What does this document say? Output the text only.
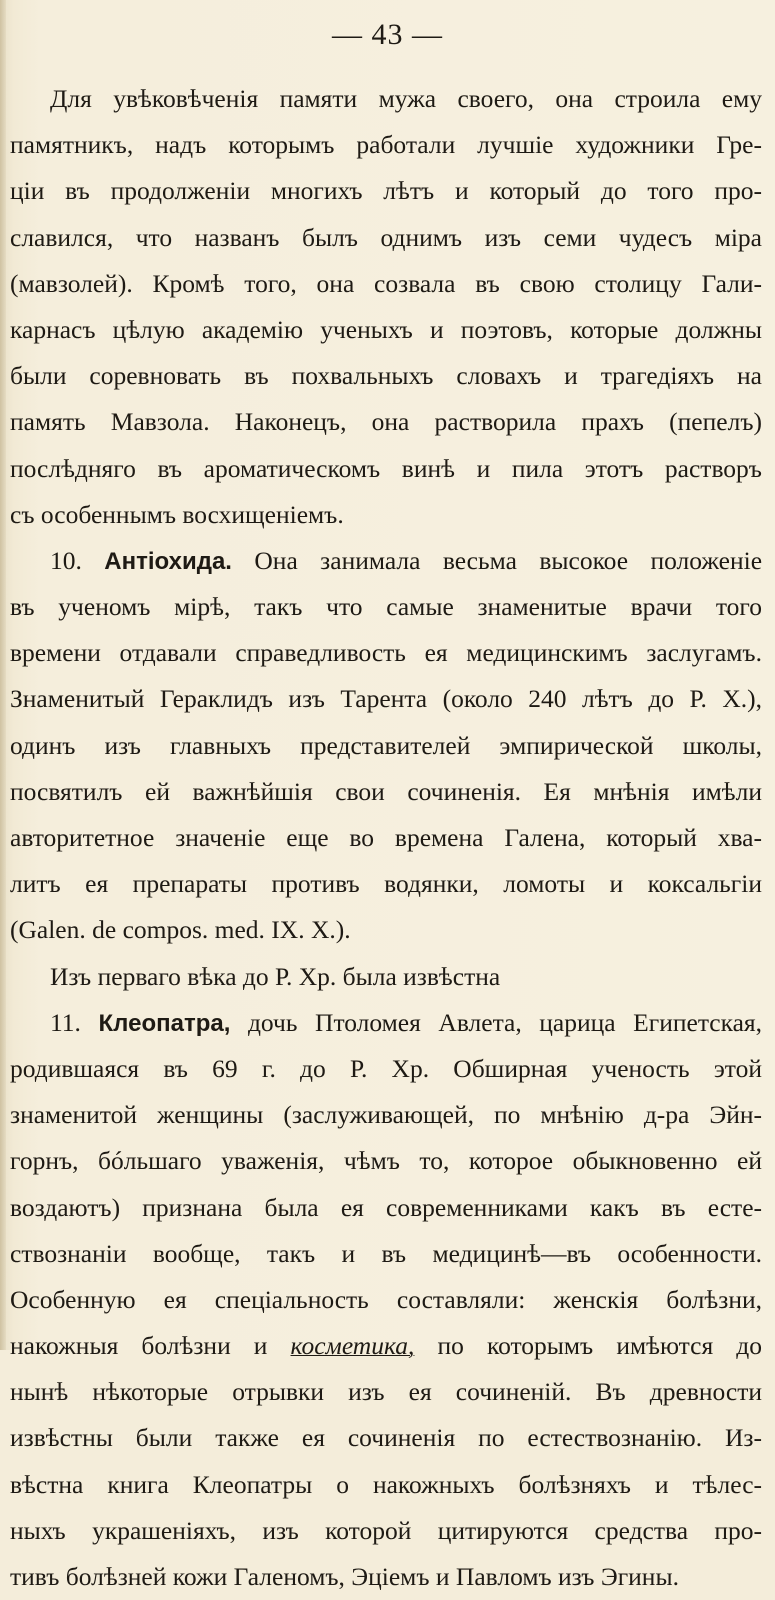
— 43 —
Для увѣковѣченія памяти мужа своего, она строила ему
памятникъ, надъ которымъ работали лучшіе художники Гре-
ціи въ продолженіи многихъ лѣтъ и который до того про-
славился, что названъ былъ однимъ изъ семи чудесъ міра
(мавзолей). Кромѣ того, она созвала въ свою столицу Гали-
карнасъ цѣлую академію ученыхъ и поэтовъ, которые должны
были соревновать въ похвальныхъ словахъ и трагедіяхъ на
память Мавзола. Наконецъ, она растворила прахъ (пепелъ)
послѣдняго въ ароматическомъ винѣ и пила этотъ растворъ
съ особеннымъ восхищеніемъ.
10. Антіохида. Она занимала весьма высокое положеніе
въ ученомъ мірѣ, такъ что самые знаменитые врачи того
времени отдавали справедливость ея медицинскимъ заслугамъ.
Знаменитый Гераклидъ изъ Тарента (около 240 лѣтъ до Р. Х.),
одинъ изъ главныхъ представителей эмпирической школы,
посвятилъ ей важнѣйшія свои сочиненія. Ея мнѣнія имѣли
авторитетное значеніе еще во времена Галена, который хва-
литъ ея препараты противъ водянки, ломоты и коксальгіи
(Galen. de compos. med. IX. X.).
Изъ перваго вѣка до Р. Хр. была извѣстна
11. Клеопатра, дочь Птоломея Авлета, царица Египетская,
родившаяся въ 69 г. до Р. Хр. Обширная ученость этой
знаменитой женщины (заслуживающей, по мнѣнію д-ра Эйн-
горнъ, бóльшаго уваженія, чѣмъ то, которое обыкновенно ей
воздаютъ) признана была ея современниками какъ въ есте-
ствознаніи вообще, такъ и въ медицинѣ—въ особенности.
Особенную ея спеціальность составляли: женскія болѣзни,
накожныя болѣзни и косметика, по которымъ имѣются до
нынѣ нѣкоторые отрывки изъ ея сочиненій. Въ древности
извѣстны были также ея сочиненія по естествознанію. Из-
вѣстна книга Клеопатры о накожныхъ болѣзняхъ и тѣлес-
ныхъ украшеніяхъ, изъ которой цитируются средства про-
тивъ болѣзней кожи Галеномъ, Эціемъ и Павломъ изъ Эгины.
